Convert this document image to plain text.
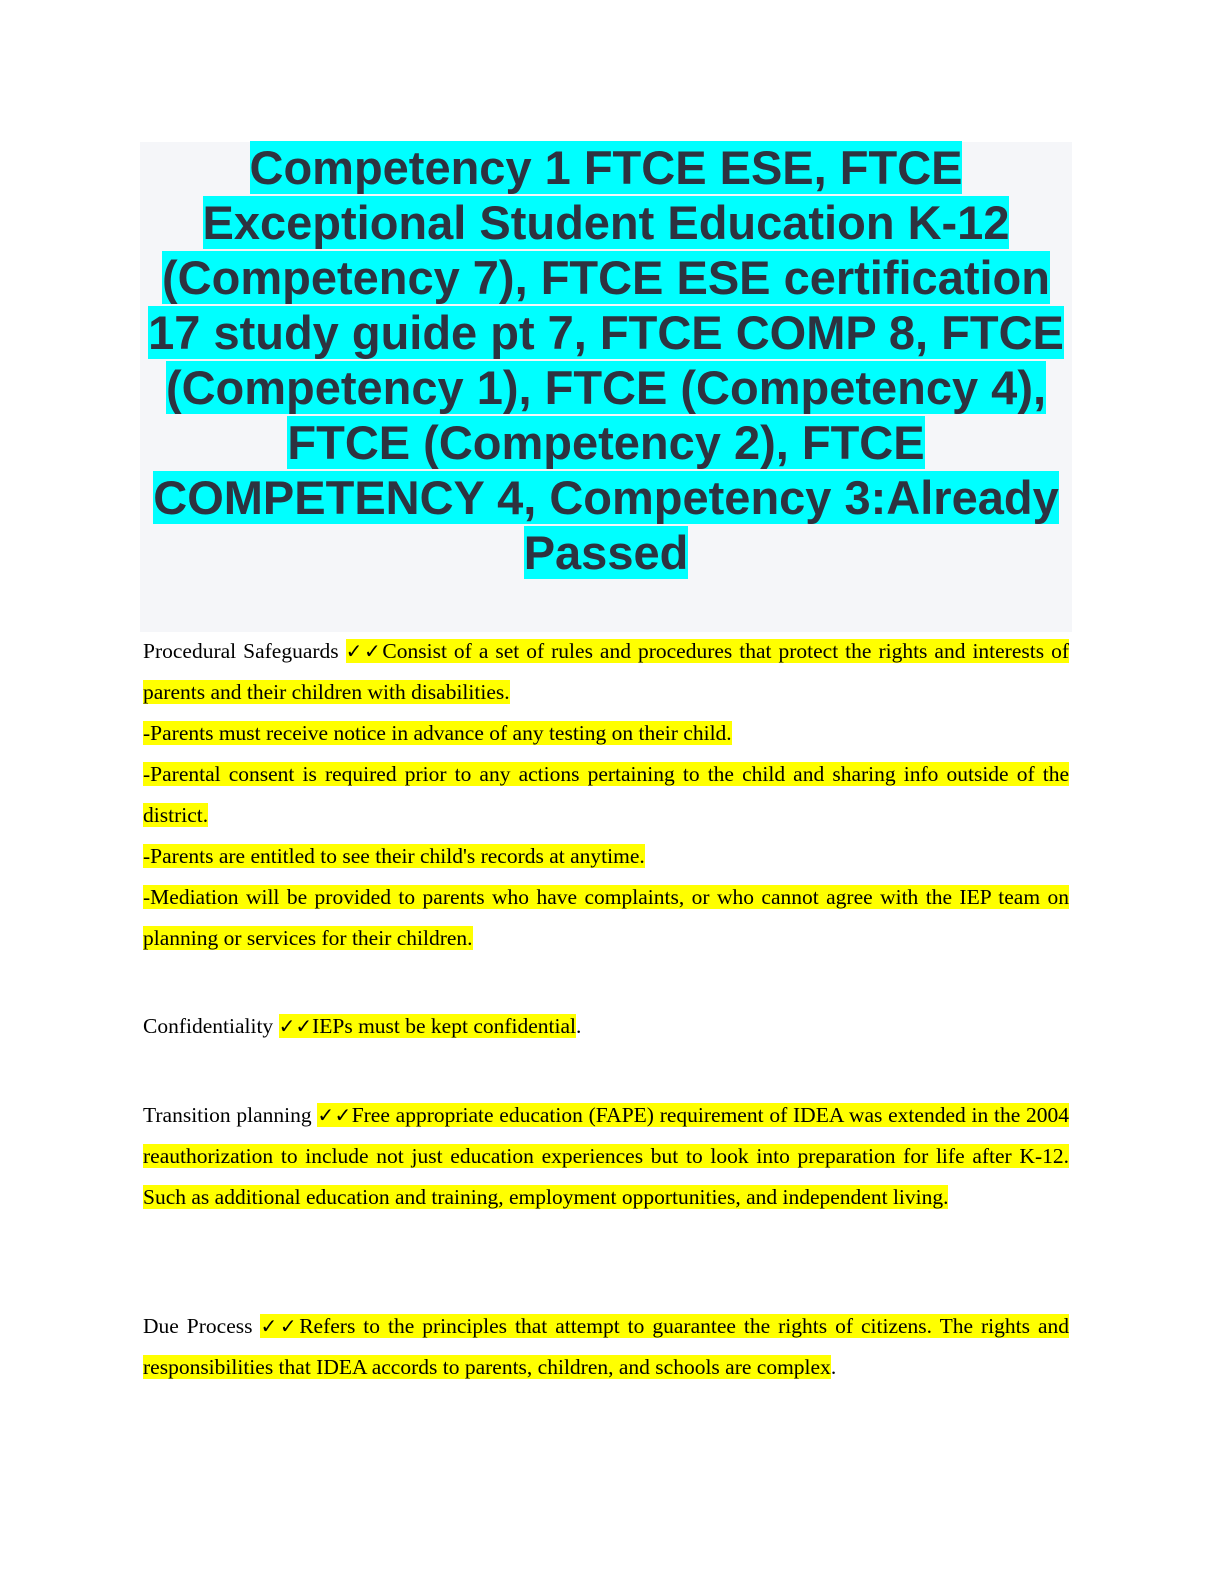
Competency 1 FTCE ESE, FTCE Exceptional Student Education K-12 (Competency 7), FTCE ESE certification 17 study guide pt 7, FTCE COMP 8, FTCE (Competency 1), FTCE (Competency 4), FTCE (Competency 2), FTCE COMPETENCY 4, Competency 3:Already Passed

Procedural Safeguards ✓✓Consist of a set of rules and procedures that protect the rights and interests of parents and their children with disabilities.

-Parents must receive notice in advance of any testing on their child.

-Parental consent is required prior to any actions pertaining to the child and sharing info outside of the district.

-Parents are entitled to see their child's records at anytime.

-Mediation will be provided to parents who have complaints, or who cannot agree with the IEP team on planning or services for their children.

Confidentiality ✓✓IEPs must be kept confidential.

Transition planning ✓✓Free appropriate education (FAPE) requirement of IDEA was extended in the 2004 reauthorization to include not just education experiences but to look into preparation for life after K-12. Such as additional education and training, employment opportunities, and independent living.

Due Process ✓✓Refers to the principles that attempt to guarantee the rights of citizens. The rights and responsibilities that IDEA accords to parents, children, and schools are complex.
